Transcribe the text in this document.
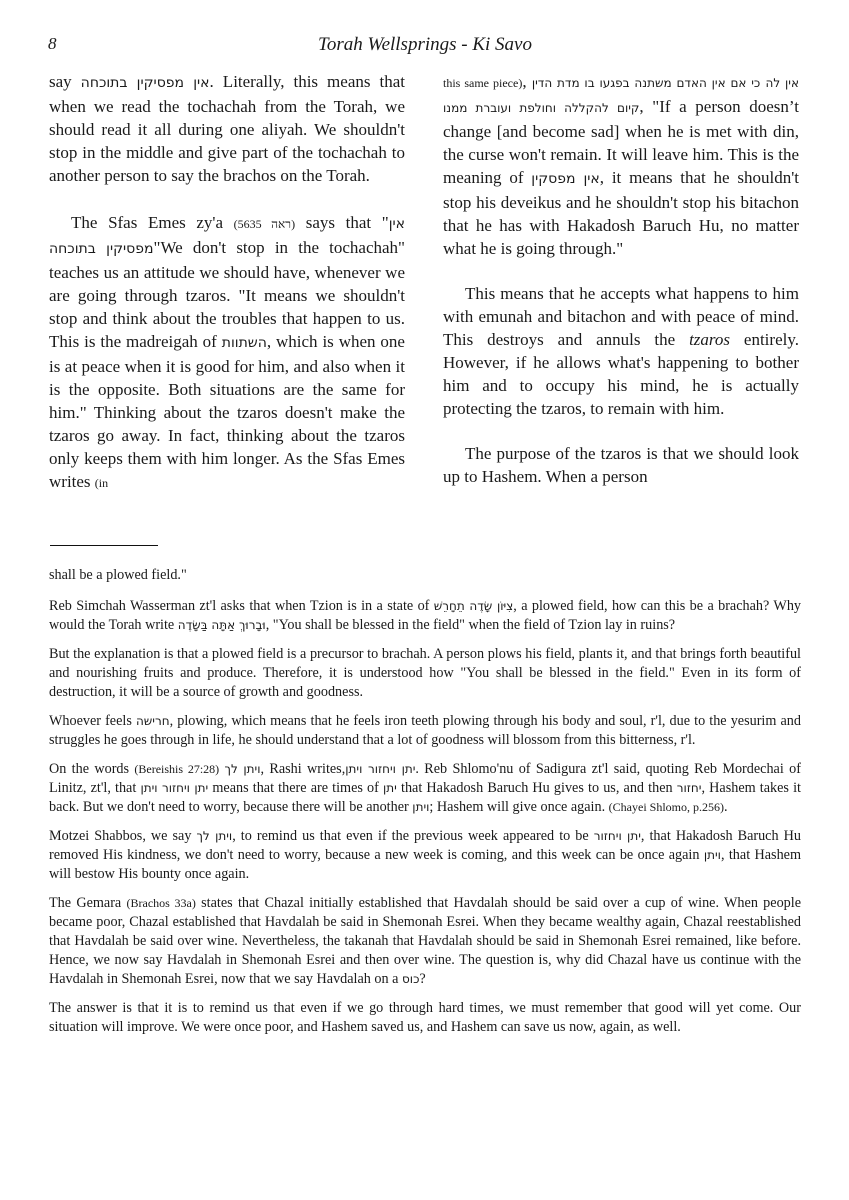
8	Torah Wellsprings - Ki Savo

say אין מפסיקין בתוכחה. Literally, this means that when we read the tochachah from the Torah, we should read it all during one aliyah. We shouldn't stop in the middle and give part of the tochachah to another person to say the brachos on the Torah.

The Sfas Emes zy'a (5635 ראה) says that "אין מפסיקין בתוכחה"We don't stop in the tochachah" teaches us an attitude we should have, whenever we are going through tzaros. "It means we shouldn't stop and think about the troubles that happen to us. This is the madreigah of השתוות, which is when one is at peace when it is good for him, and also when it is the opposite. Both situations are the same for him." Thinking about the tzaros doesn't make the tzaros go away. In fact, thinking about the tzaros only keeps them with him longer. As the Sfas Emes writes (in

this same piece), כי אם אין האדם משתנה בפגעו בו מדת הדין אין לה קיום להקללה וחולפת ועוברת ממנו, "If a person doesn’t change [and become sad] when he is met with din, the curse won't remain. It will leave him. This is the meaning of אין מפסקין, it means that he shouldn't stop his deveikus and he shouldn't stop his bitachon that he has with Hakadosh Baruch Hu, no matter what he is going through."

This means that he accepts what happens to him with emunah and bitachon and with peace of mind. This destroys and annuls the tzaros entirely. However, if he allows what's happening to bother him and to occupy his mind, he is actually protecting the tzaros, to remain with him.

The purpose of the tzaros is that we should look up to Hashem. When a person

shall be a plowed field."

Reb Simchah Wasserman zt'l asks that when Tzion is in a state of צִיּוֹן שָׂדֶה תֵחָרֵשׁ, a plowed field, how can this be a brachah? Why would the Torah write וּבָרוּךְ אַתָּה בַּשָּׂדֶה, "You shall be blessed in the field" when the field of Tzion lay in ruins?

But the explanation is that a plowed field is a precursor to brachah. A person plows his field, plants it, and that brings forth beautiful and nourishing fruits and produce. Therefore, it is understood how "You shall be blessed in the field." Even in its form of destruction, it will be a source of growth and goodness.

Whoever feels חרישה, plowing, which means that he feels iron teeth plowing through his body and soul, r'l, due to the yesurim and struggles he goes through in life, he should understand that a lot of goodness will blossom from this bitterness, r'l.

On the words (Bereishis 27:28) ויתן לך, Rashi writes,יתן ויחזור ויתן. Reb Shlomo'nu of Sadigura zt'l said, quoting Reb Mordechai of Linitz, zt'l, that יתן ויחזור ויתן means that there are times of יתן that Hakadosh Baruch Hu gives to us, and then יחזור, Hashem takes it back. But we don't need to worry, because there will be another ויתן; Hashem will give once again. (Chayei Shlomo, p.256).

Motzei Shabbos, we say ויתן לך, to remind us that even if the previous week appeared to be יתן ויחזור, that Hakadosh Baruch Hu removed His kindness, we don't need to worry, because a new week is coming, and this week can be once again ויתן, that Hashem will bestow His bounty once again.

The Gemara (Brachos 33a) states that Chazal initially established that Havdalah should be said over a cup of wine. When people became poor, Chazal established that Havdalah be said in Shemonah Esrei. When they became wealthy again, Chazal reestablished that Havdalah be said over wine. Nevertheless, the takanah that Havdalah should be said in Shemonah Esrei remained, like before. Hence, we now say Havdalah in Shemonah Esrei and then over wine. The question is, why did Chazal have us continue with the Havdalah in Shemonah Esrei, now that we say Havdalah on a כוס?

The answer is that it is to remind us that even if we go through hard times, we must remember that good will yet come. Our situation will improve. We were once poor, and Hashem saved us, and Hashem can save us now, again, as well.
